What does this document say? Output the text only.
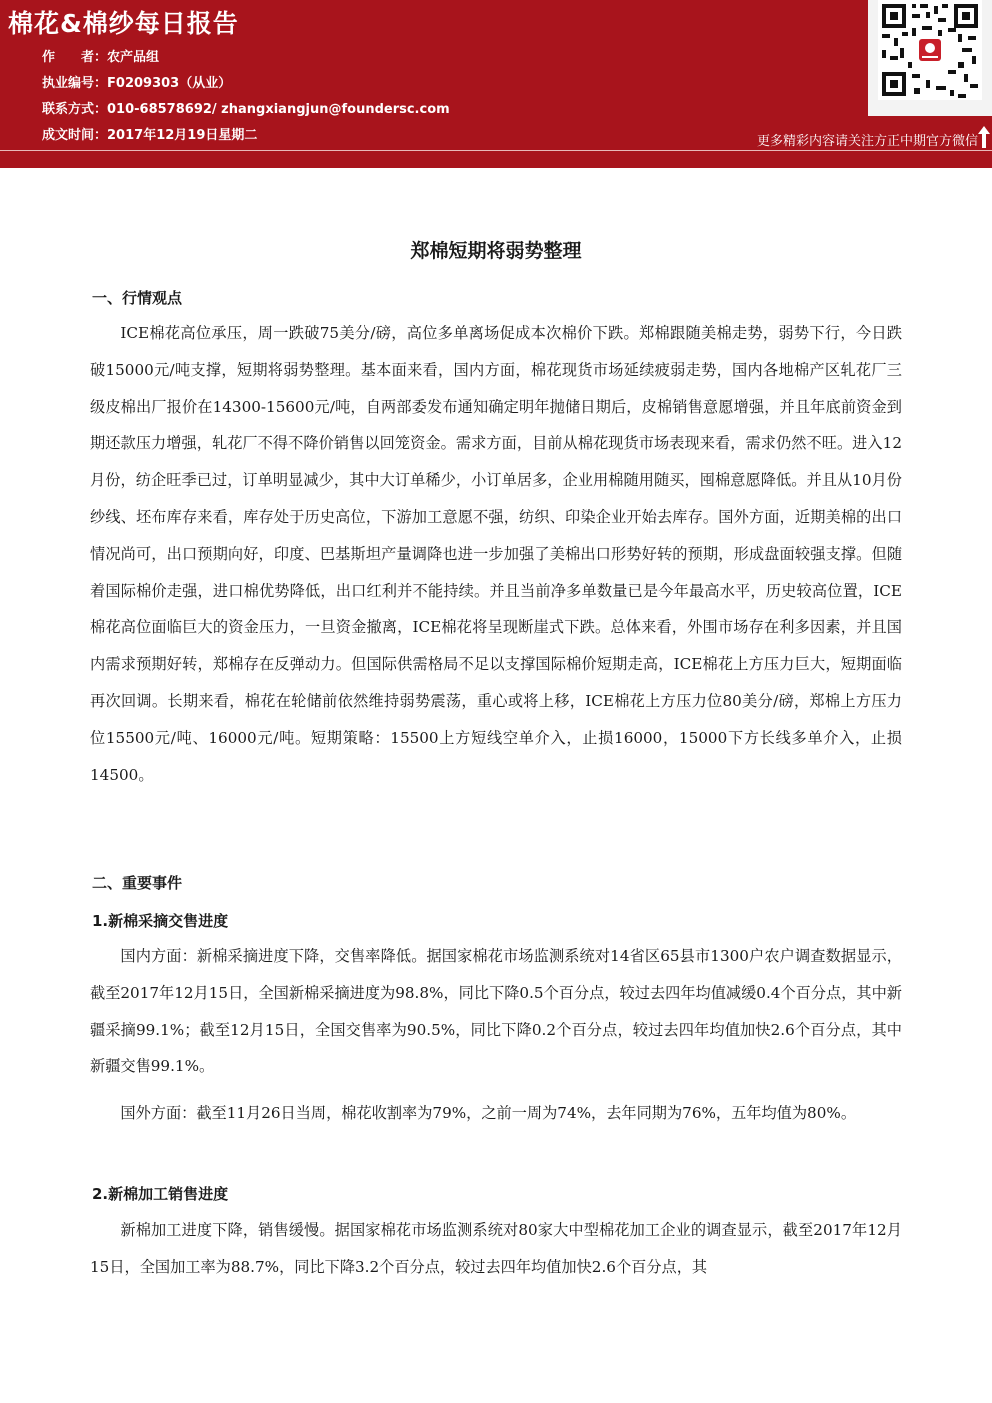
棉花&棉纱每日报告
作　　者：农产品组
执业编号：F0209303（从业）
联系方式：010-68578692/ zhangxiangjun@foundersc.com
成文时间：2017年12月19日星期二	更多精彩内容请关注方正中期官方微信
郑棉短期将弱势整理
一、行情观点

ICE棉花高位承压，周一跌破75美分/磅，高位多单离场促成本次棉价下跌。郑棉跟随美棉走势，弱势下行，今日跌破15000元/吨支撑，短期将弱势整理。基本面来看，国内方面，棉花现货市场延续疲弱走势，国内各地棉产区轧花厂三级皮棉出厂报价在14300-15600元/吨，自两部委发布通知确定明年抛储日期后，皮棉销售意愿增强，并且年底前资金到期还款压力增强，轧花厂不得不降价销售以回笼资金。需求方面，目前从棉花现货市场表现来看，需求仍然不旺。进入12月份，纺企旺季已过，订单明显减少，其中大订单稀少，小订单居多，企业用棉随用随买，囤棉意愿降低。并且从10月份纱线、坯布库存来看，库存处于历史高位，下游加工意愿不强，纺织、印染企业开始去库存。国外方面，近期美棉的出口情况尚可，出口预期向好，印度、巴基斯坦产量调降也进一步加强了美棉出口形势好转的预期，形成盘面较强支撑。但随着国际棉价走强，进口棉优势降低，出口红利并不能持续。并且当前净多单数量已是今年最高水平，历史较高位置，ICE棉花高位面临巨大的资金压力，一旦资金撤离，ICE棉花将呈现断崖式下跌。总体来看，外围市场存在利多因素，并且国内需求预期好转，郑棉存在反弹动力。但国际供需格局不足以支撑国际棉价短期走高，ICE棉花上方压力巨大，短期面临再次回调。长期来看，棉花在轮储前依然维持弱势震荡，重心或将上移，ICE棉花上方压力位80美分/磅，郑棉上方压力位15500元/吨、16000元/吨。短期策略：15500上方短线空单介入，止损16000，15000下方长线多单介入，止损14500。

二、重要事件
1.新棉采摘交售进度

国内方面：新棉采摘进度下降，交售率降低。据国家棉花市场监测系统对14省区65县市1300户农户调查数据显示，截至2017年12月15日，全国新棉采摘进度为98.8%，同比下降0.5个百分点，较过去四年均值减缓0.4个百分点，其中新疆采摘99.1%；截至12月15日，全国交售率为90.5%，同比下降0.2个百分点，较过去四年均值加快2.6个百分点，其中新疆交售99.1%。

国外方面：截至11月26日当周，棉花收割率为79%，之前一周为74%，去年同期为76%，五年均值为80%。

2.新棉加工销售进度

新棉加工进度下降，销售缓慢。据国家棉花市场监测系统对80家大中型棉花加工企业的调查显示，截至2017年12月15日，全国加工率为88.7%，同比下降3.2个百分点，较过去四年均值加快2.6个百分点，其
